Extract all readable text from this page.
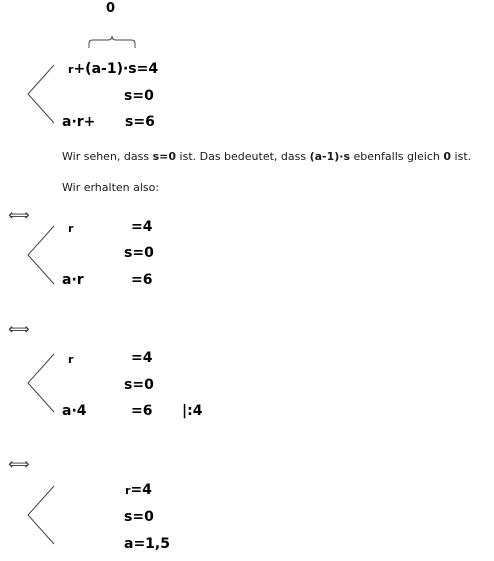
0
r+(a-1)·s=4
s=0
a·r+ s=6
Wir sehen, dass s=0 ist. Das bedeutet, dass (a-1)·s ebenfalls gleich 0 ist.
Wir erhalten also:
⟺
r	=4
s=0
a·r	=6
⟺
r	=4
s=0
a·4	=6 |:4
⟺
r=4
s=0
a=1,5
